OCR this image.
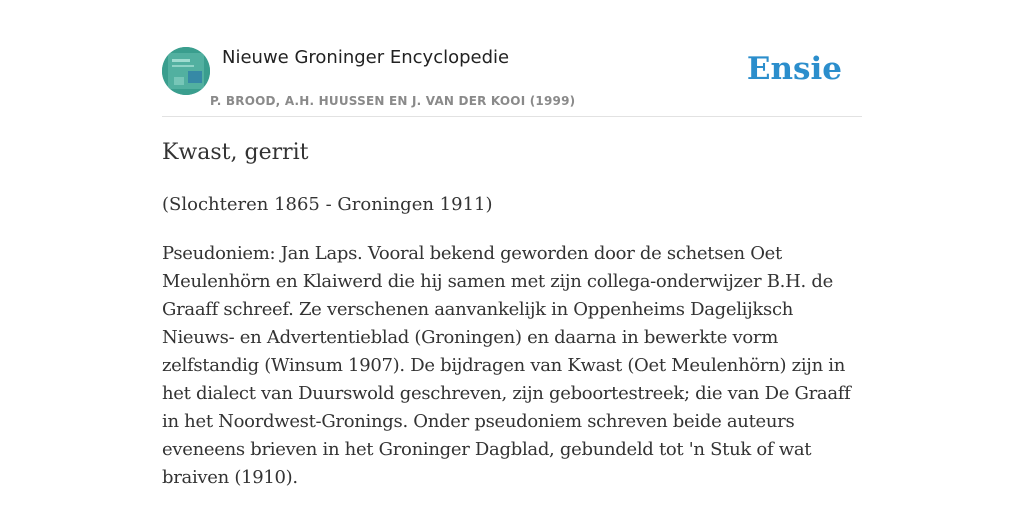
Nieuwe Groninger Encyclopedie
P. BROOD, A.H. HUUSSEN EN J. VAN DER KOOI (1999)
Ensie
Kwast, gerrit

(Slochteren 1865 - Groningen 1911)

Pseudoniem: Jan Laps. Vooral bekend geworden door de schetsen Oet Meulenhörn en Klaiwerd die hij samen met zijn collega-onderwijzer B.H. de Graaff schreef. Ze verschenen aanvankelijk in Oppenheims Dagelijksch Nieuws- en Advertentieblad (Groningen) en daarna in bewerkte vorm zelfstandig (Winsum 1907). De bijdragen van Kwast (Oet Meulenhörn) zijn in het dialect van Duurswold geschreven, zijn geboortestreek; die van De Graaff in het Noordwest-Gronings. Onder pseudoniem schreven beide auteurs eveneens brieven in het Groninger Dagblad, gebundeld tot 'n Stuk of wat braiven (1910).
